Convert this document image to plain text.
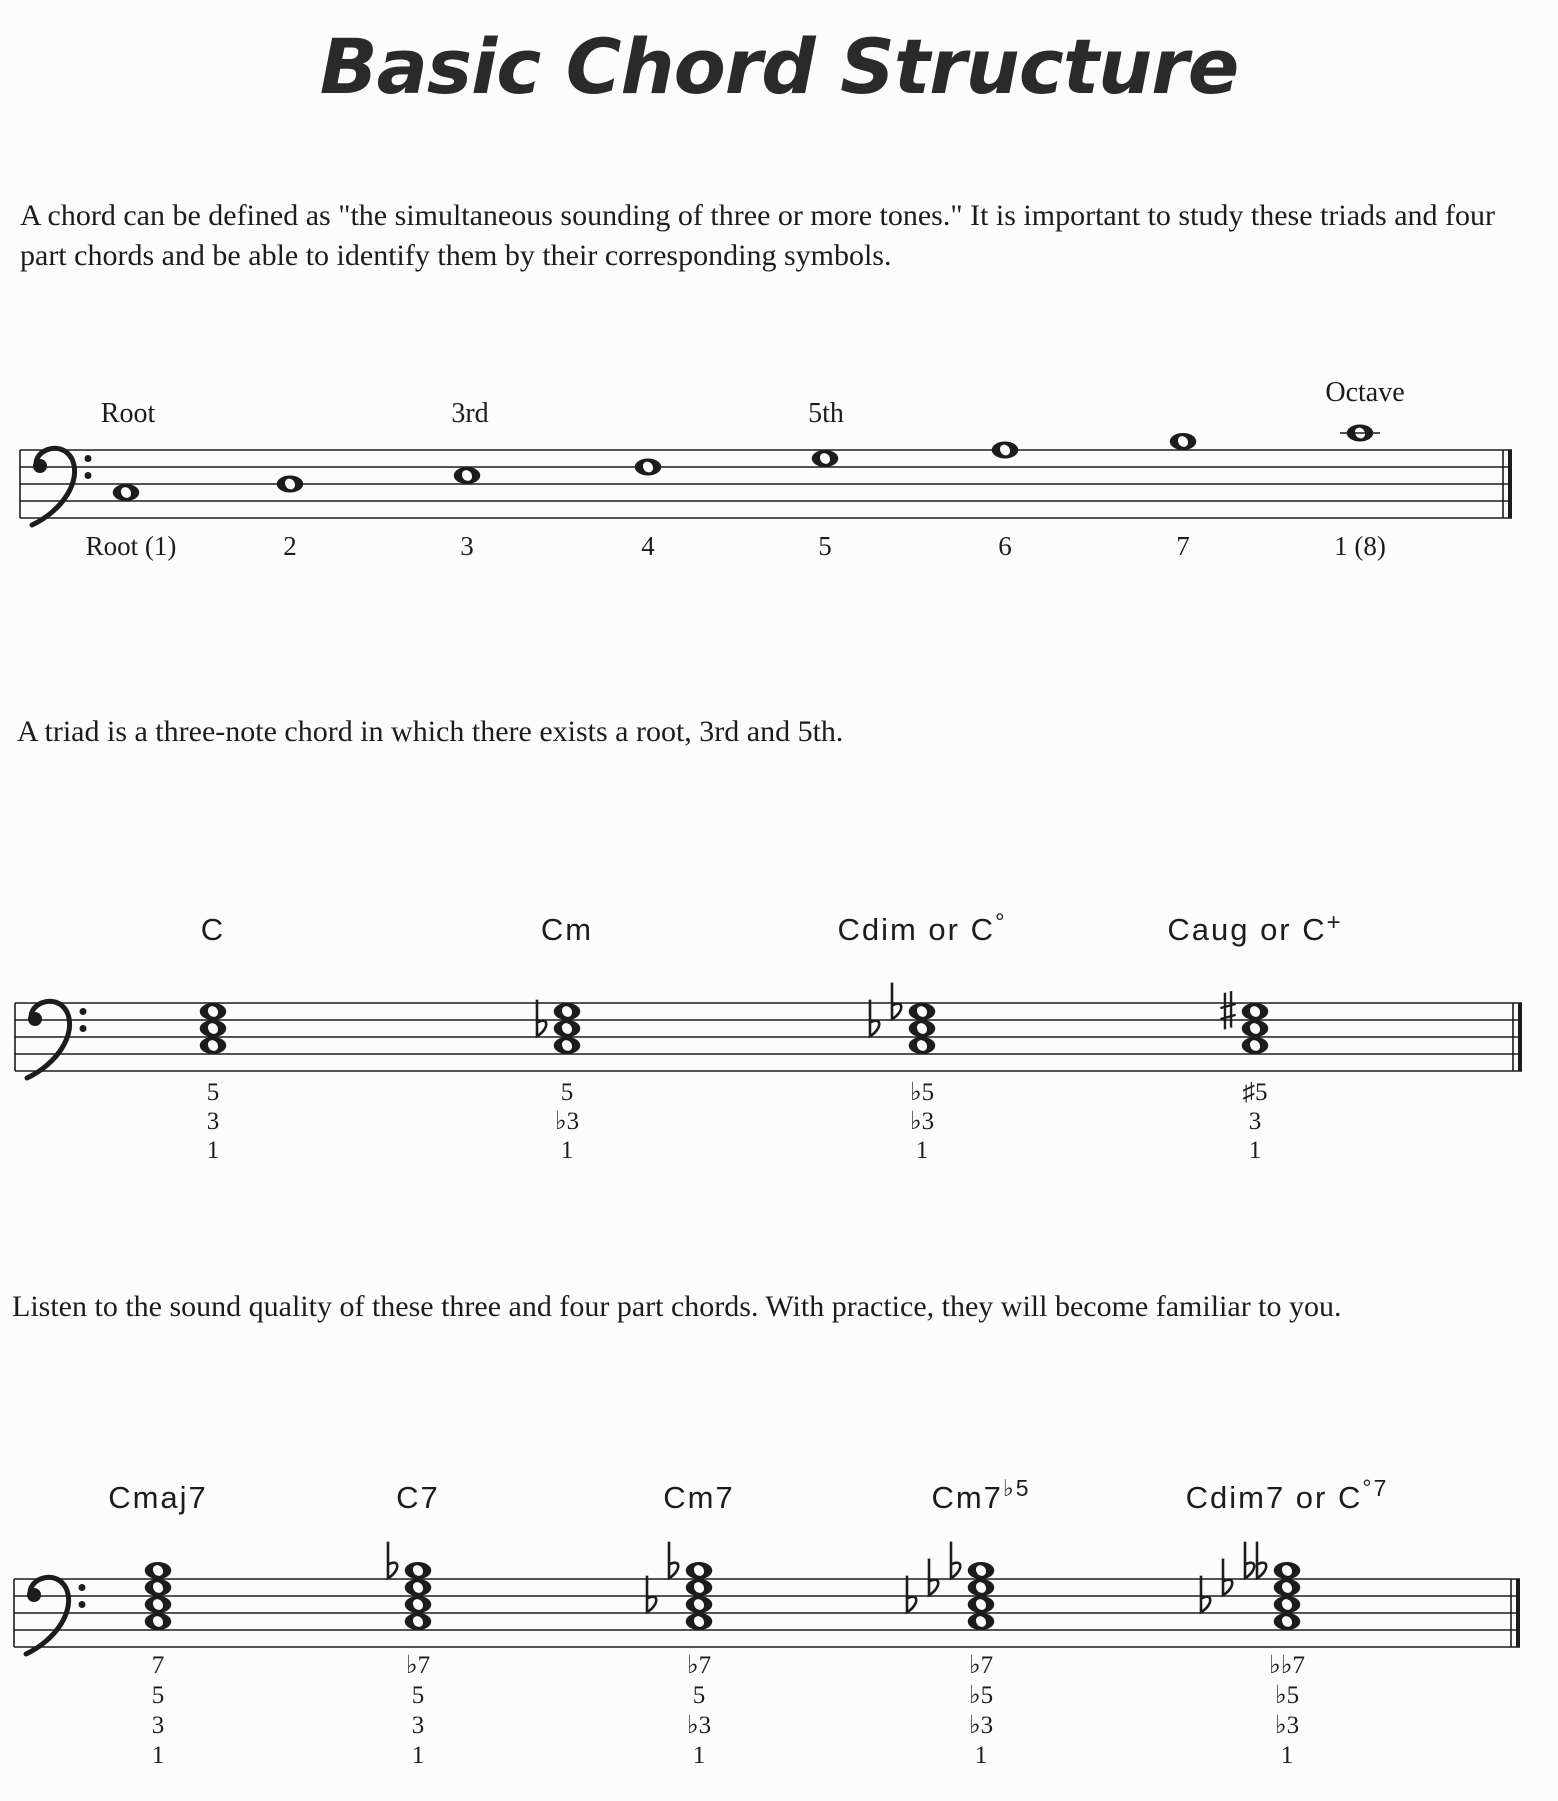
Basic Chord Structure

A chord can be defined as "the simultaneous sounding of three or more tones." It is important to study these triads and four part chords and be able to identify them by their corresponding symbols.

Root (1)	2	3	4	5	6	7	1 (8)
Root	3rd	5th
Octave

A triad is a three-note chord in which there exists a root, 3rd and 5th.

C
5
3
1
Cm
5
♭3
1
Cdim or C°
♭5
♭3
1
Caug or C+
♯5
3
1

Listen to the sound quality of these three and four part chords. With practice, they will become familiar to you.

Cmaj7
7
5
3
1
C7
♭7
5
3
1
Cm7
♭7
5
♭3
1
$Cm7^{♭5}$
♭7
♭5
♭3
1
Cdim7 or $C^{^\circ 7}$
♭♭7
♭5
♭3
1
